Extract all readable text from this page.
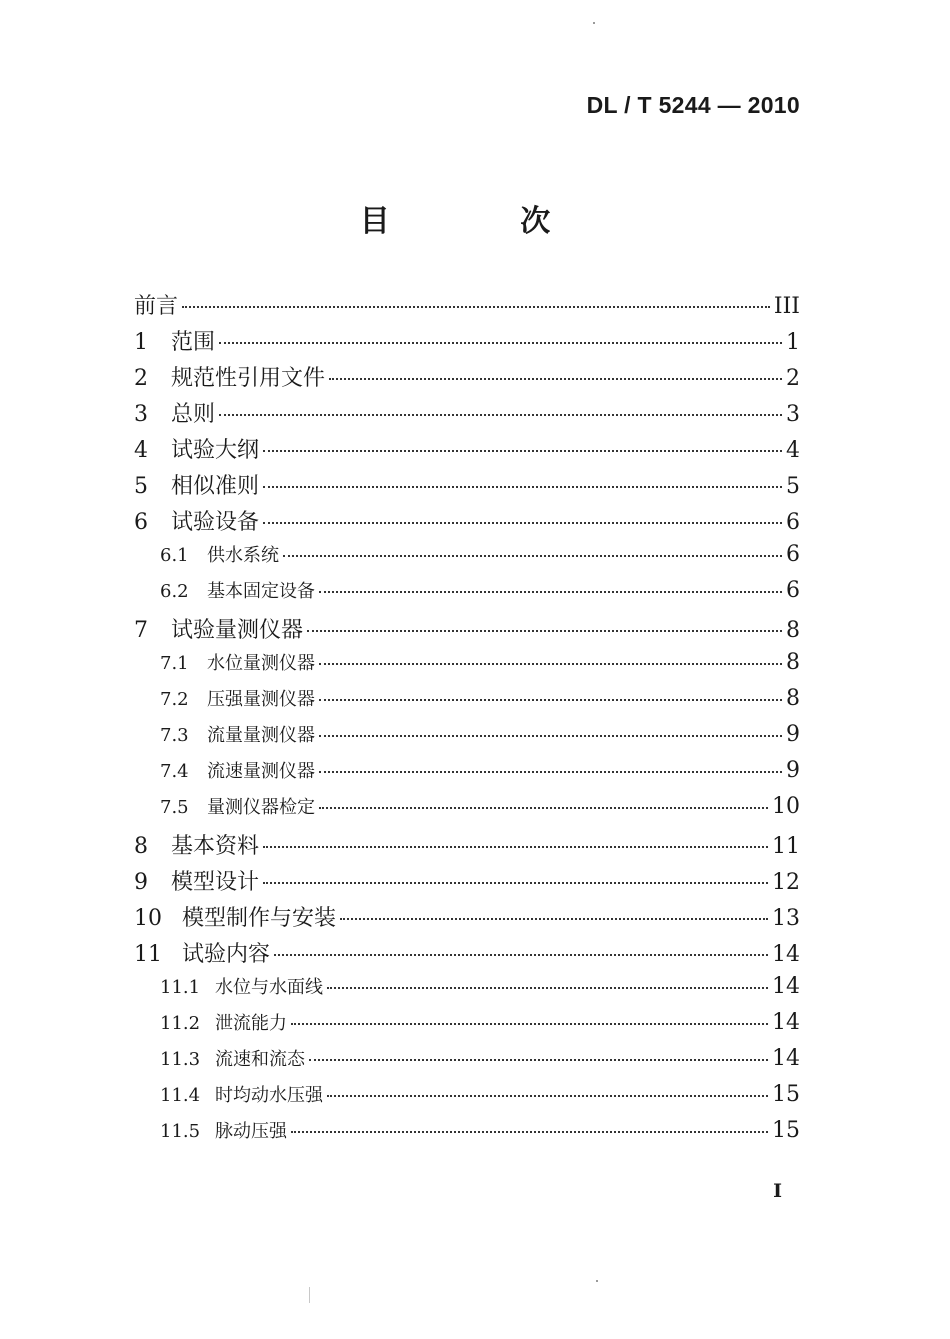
DL / T 5244 — 2010
目 次
前言	III
1	范围	1
2	规范性引用文件	2
3	总则	3
4	试验大纲	4
5	相似准则	5
6	试验设备	6
6.1	供水系统	6
6.2	基本固定设备	6
7	试验量测仪器	8
7.1	水位量测仪器	8
7.2	压强量测仪器	8
7.3	流量量测仪器	9
7.4	流速量测仪器	9
7.5	量测仪器检定	10
8	基本资料	11
9	模型设计	12
10 模型制作与安装	13
11 试验内容	14
11.1 水位与水面线	14
11.2 泄流能力	14
11.3 流速和流态	14
11.4 时均动水压强	15
11.5 脉动压强	15
I
